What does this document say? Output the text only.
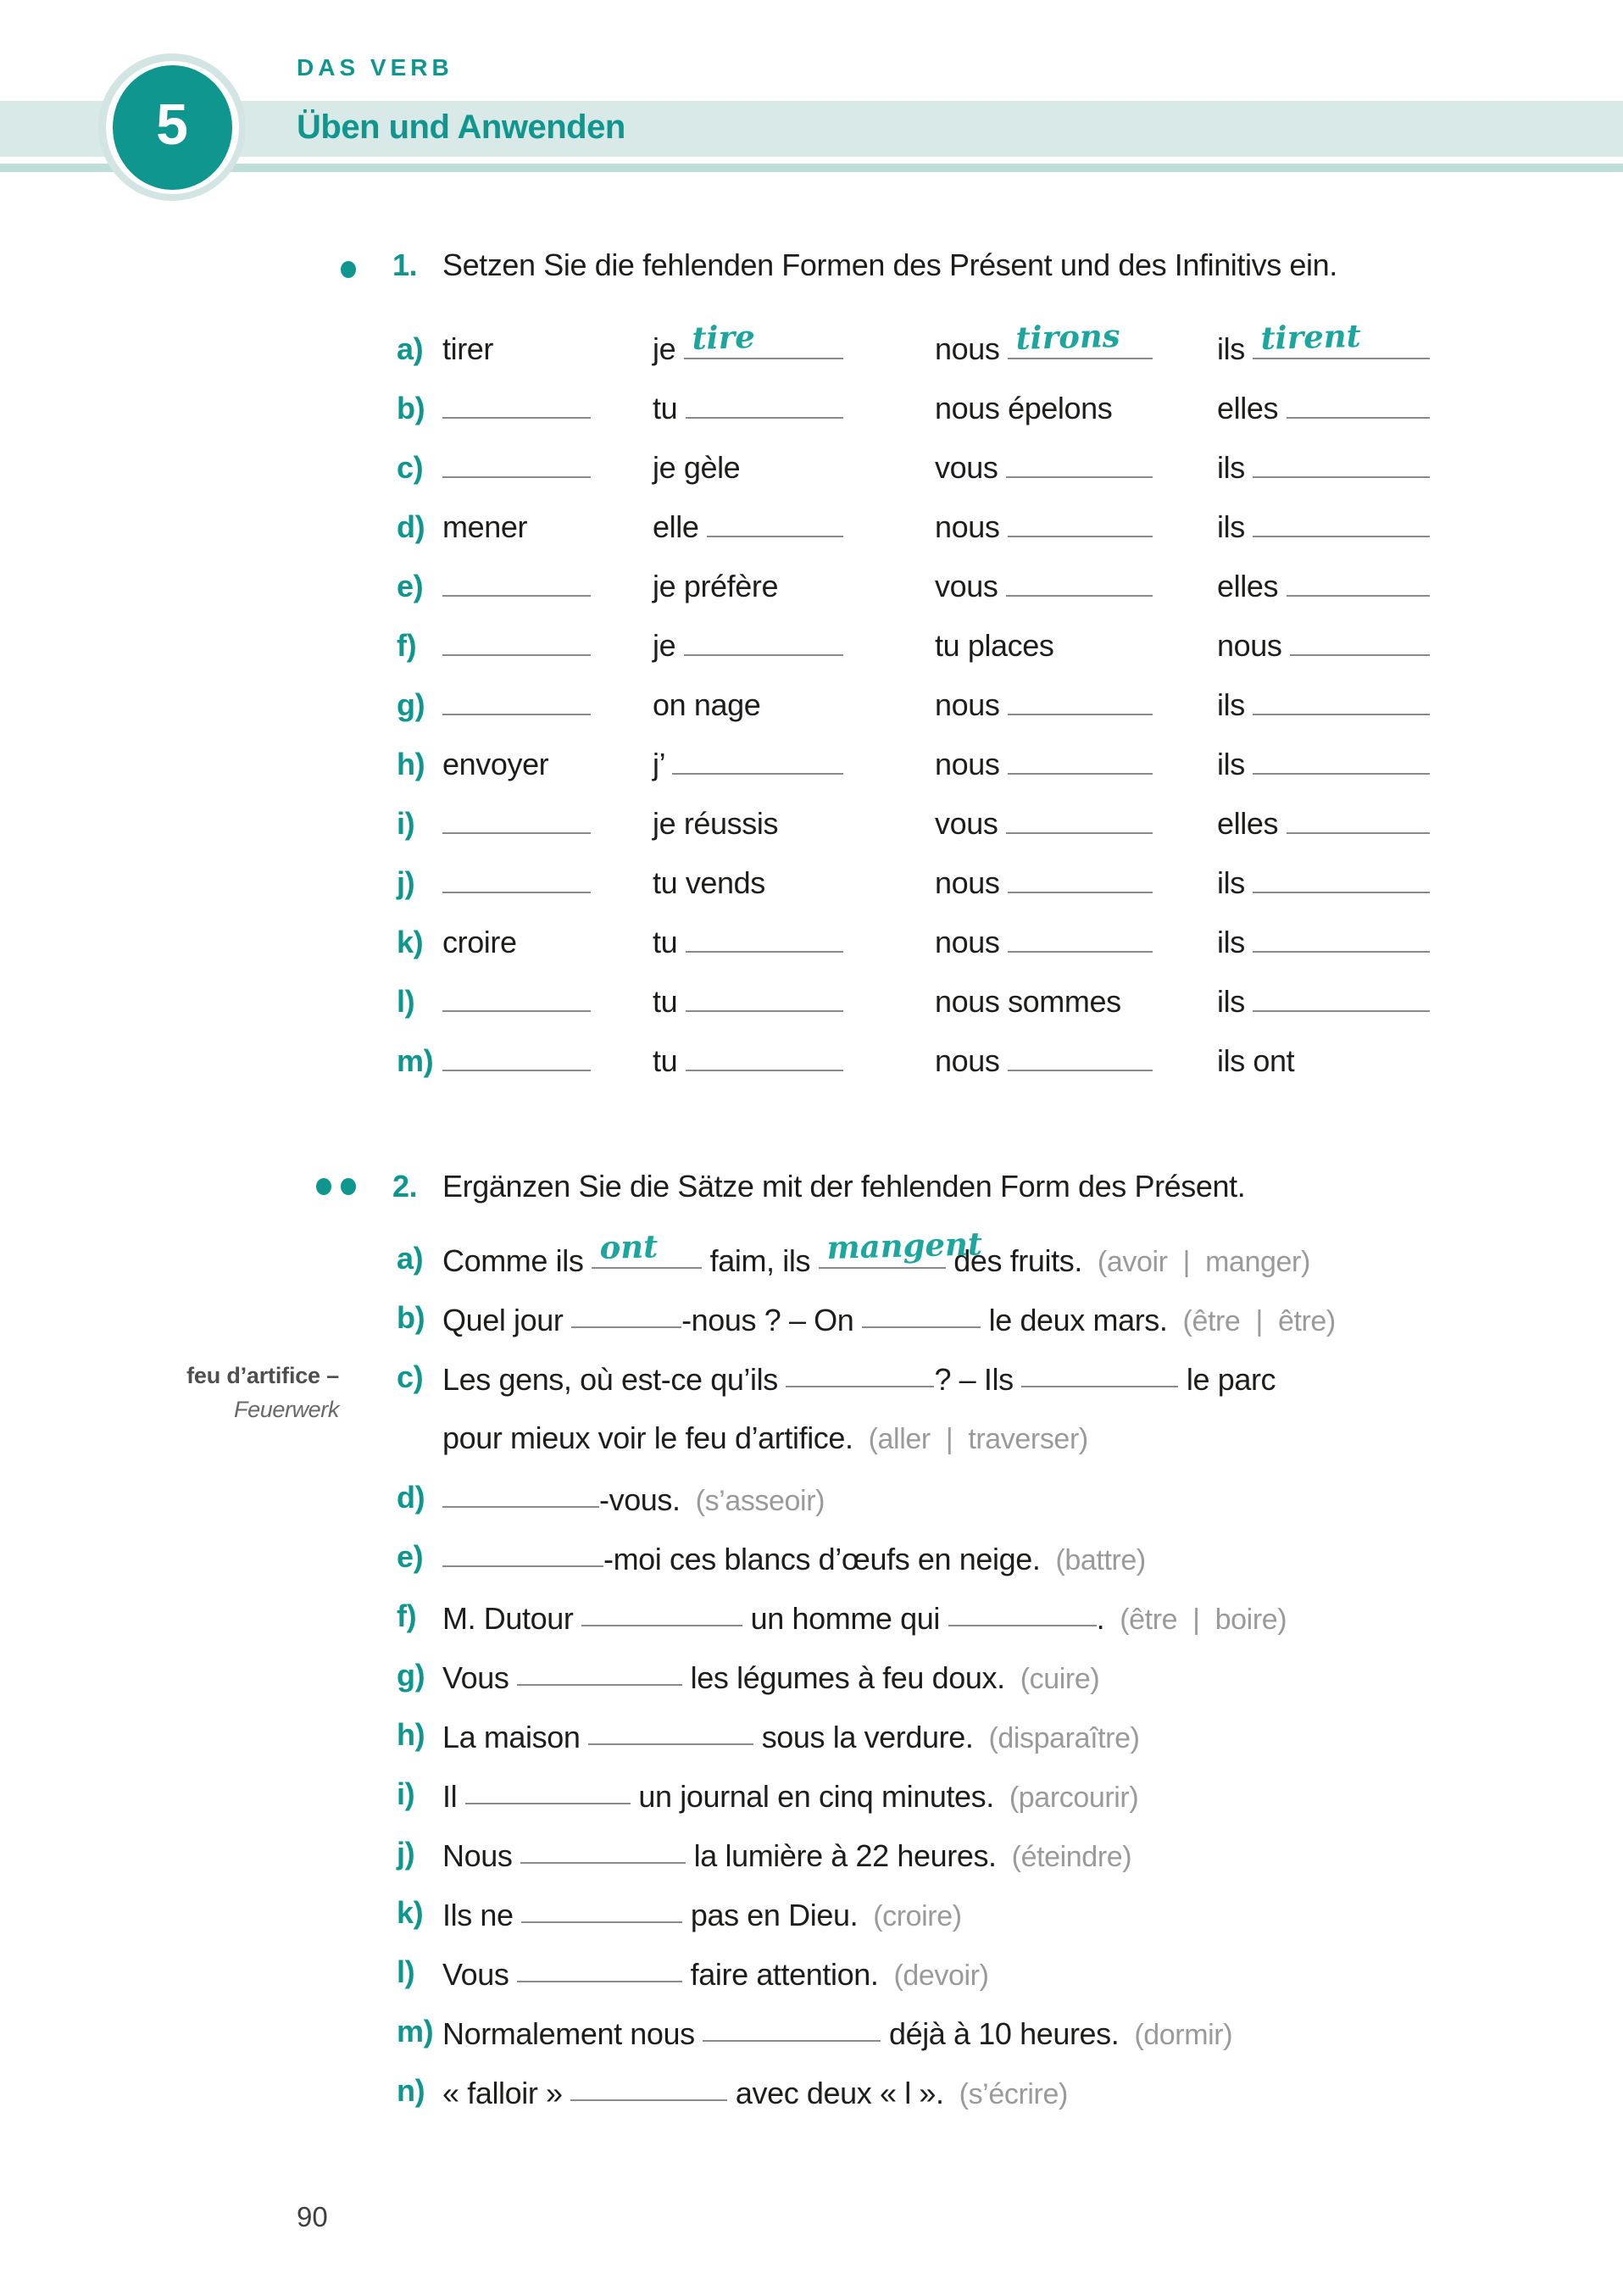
5
DAS VERB
Üben und Anwenden
1. Setzen Sie die fehlenden Formen des Présent und des Infinitivs ein.
a) ​ tirer	​ je tire	​ nous tirons	​ ils tirent
b) ​	​ tu	​ nous épelons	​ elles
c) ​	​ je gèle	​ vous	​ ils
d) ​ mener	​ elle	​ nous	​ ils
e) ​	​ je préfère	​ vous	​ elles
f) ​	​ je	​ tu places	​ nous
g) ​	​ on nage	​ nous	​ ils
h) ​ envoyer	​ j’	​ nous	​ ils
i) ​	​ je réussis	​ vous	​ elles
j) ​	​ tu vends	​ nous	​ ils
k) ​ croire	​ tu	​ nous	​ ils
l) ​	​ tu	​ nous sommes	​ ils
m) ​	​ tu	​ nous	​ ils ont
2. Ergänzen Sie die Sätze mit der fehlenden Form des Présent.
feu d’artifice –
Feuerwerk
a) Comme ils ont faim, ils mangent
des fruits. (avoir | manger)
b) Quel jour	-nous ? – On	le deux mars. (être | être)
c) Les gens, où est-ce qu’ils	? – Ils	le parc
pour mieux voir le feu d’artifice. (aller | traverser)
d)	-vous. (s’asseoir)
e)	-moi ces blancs d’œufs en neige. (battre)
f) M. Dutour	un homme qui	. (être | boire)
g) Vous	les légumes à feu doux. (cuire)
h) La maison	sous la verdure. (disparaître)
i) Il	un journal en cinq minutes. (parcourir)
j) Nous	la lumière à 22 heures. (éteindre)
k) Ils ne	pas en Dieu. (croire)
l) Vous	faire attention. (devoir)
m) Normalement nous	déjà à 10 heures. (dormir)
n) « falloir »	avec deux « l ». (s’écrire)
90
